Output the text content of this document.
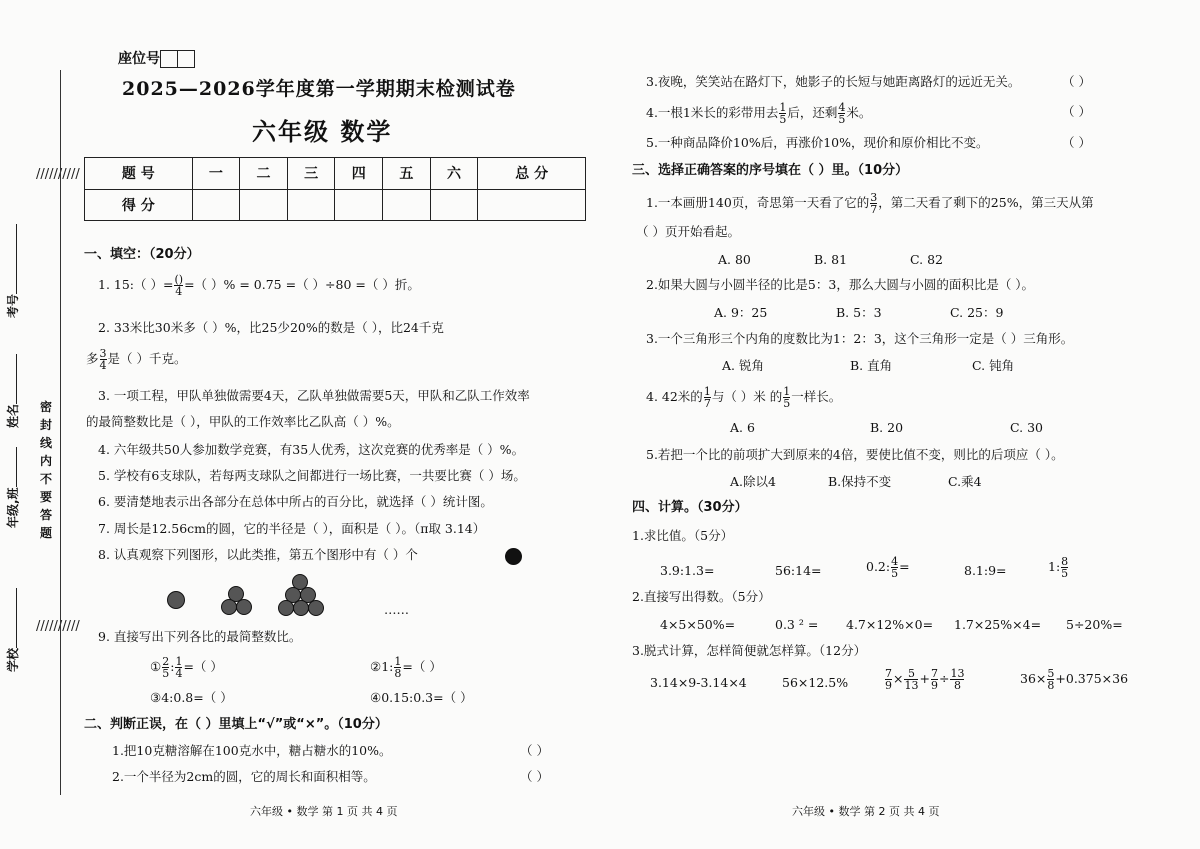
//////////
密
封
线
内
不
要
答
题
//////////
学校
年级,班
姓名
考号
座位号
2025—2026学年度第一学期期末检测试卷
六年级 数学
题 号	一	二	三	四	五	六	总 分
得 分							
一、填空：（20分）
1. 15:（ ）= $\frac{()}{4}$ =（ ）% = 0.75 =（ ）÷80 =（ ）折。
2. 33米比30米多（ ）%，比25少20%的数是（ ），比24千克
多 $\frac{3}{4}$ 是（ ）千克。
3. 一项工程，甲队单独做需要4天，乙队单独做需要5天，甲队和乙队工作效率
的最简整数比是（ ），甲队的工作效率比乙队高（ ）%。
4. 六年级共50人参加数学竞赛，有35人优秀，这次竞赛的优秀率是（ ）%。
5. 学校有6支球队，若每两支球队之间都进行一场比赛，一共要比赛（ ）场。
6. 要清楚地表示出各部分在总体中所占的百分比，就选择（ ）统计图。
7. 周长是12.56cm的圆，它的半径是（ ），面积是（ ）。（π取 3.14）
8. 认真观察下列图形，以此类推，第五个图形中有（ ）个
……
9. 直接写出下列各比的最简整数比。
① $\frac{2}{5}$ : $\frac{1}{4}$ =（ ）	②1: $\frac{1}{8}$ =（ ）
③4:0.8=（ ）	④0.15:0.3=（ ）
二、判断正误，在（ ）里填上“√”或“×”。（10分）
1.把10克糖溶解在100克水中，糖占糖水的10%。	（ ）
2.一个半径为2cm的圆，它的周长和面积相等。	（ ）
六年级 • 数学 第 1 页 共 4 页
3.夜晚，笑笑站在路灯下，她影子的长短与她距离路灯的远近无关。	（ ）
4.一根1米长的彩带用去 $\frac{1}{5}$ 后，还剩 $\frac{4}{5}$ 米。	（ ）
5.一种商品降价10%后，再涨价10%，现价和原价相比不变。	（ ）
三、选择正确答案的序号填在（ ）里。（10分）
1.一本画册140页，奇思第一天看了它的 $\frac{3}{7}$ ，第二天看了剩下的25%，第三天从第
（ ）页开始看起。
A. 80	B. 81	C. 82
2.如果大圆与小圆半径的比是5：3，那么大圆与小圆的面积比是（ ）。
A. 9：25	B. 5：3	C. 25：9
3.一个三角形三个内角的度数比为1：2：3，这个三角形一定是（ ）三角形。
A. 锐角	B. 直角	C. 钝角
4. 42米的 $\frac{1}{7}$ 与（ ）米 的 $\frac{1}{5}$ 一样长。
A. 6	B. 20	C. 30
5.若把一个比的前项扩大到原来的4倍，要使比值不变，则比的后项应（ ）。
A.除以4	B.保持不变	C.乘4
四、计算。（30分）
1.求比值。（5分）
3.9:1.3=	56:14=	0.2: $\frac{4}{5}$ =	8.1:9=	1: $\frac{8}{5}$
2.直接写出得数。（5分）
4×5×50%=	0.3 ² = 4.7×12%×0= 1.7×25%×4= 5÷20%=
3.脱式计算，怎样简便就怎样算。（12分）
3.14×9-3.14×4	56×12.5%	$\frac{7}{9} \times \frac{5}{13} + \frac{7}{9} \div \frac{13}{8}$	$36\times \frac{5}{8} +0.375\times 36$
六年级 • 数学 第 2 页 共 4 页
